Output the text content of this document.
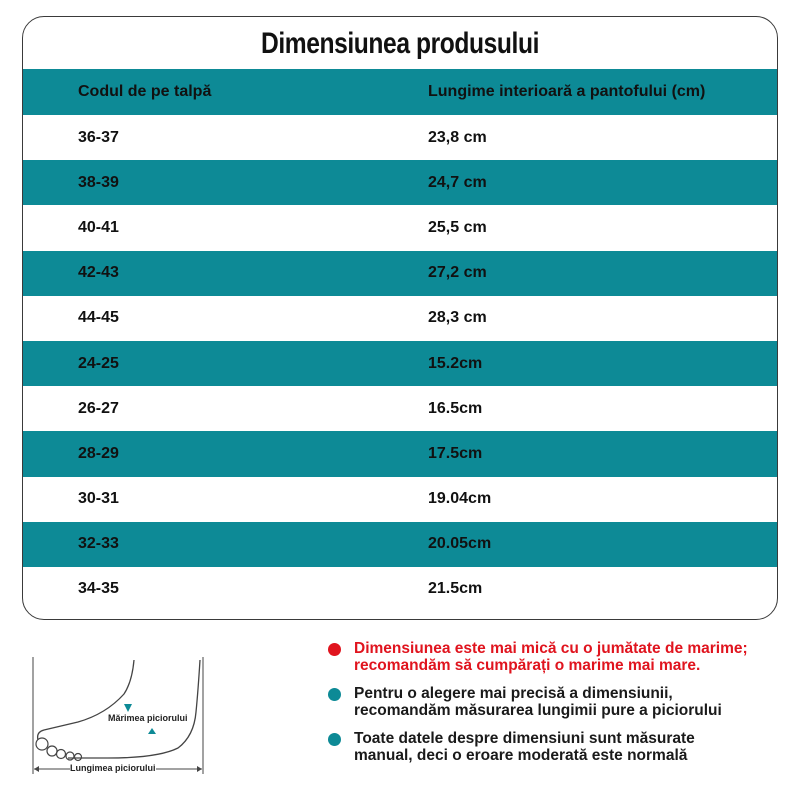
Dimensiunea produsului
Codul de pe talpă	Lungime interioară a pantofului (cm)
36-37	23,8 cm
38-39	24,7 cm
40-41	25,5 cm
42-43	27,2 cm
44-45	28,3 cm
24-25	15.2cm
26-27	16.5cm
28-29	17.5cm
30-31	19.04cm
32-33	20.05cm
34-35	21.5cm
Mărimea piciorului
Lungimea piciorului
Dimensiunea este mai mică cu o jumătate de marime;
recomandăm să cumpărați o marime mai mare.
Pentru o alegere mai precisă a dimensiunii,
recomandăm măsurarea lungimii pure a piciorului
Toate datele despre dimensiuni sunt măsurate
manual, deci o eroare moderată este normală
